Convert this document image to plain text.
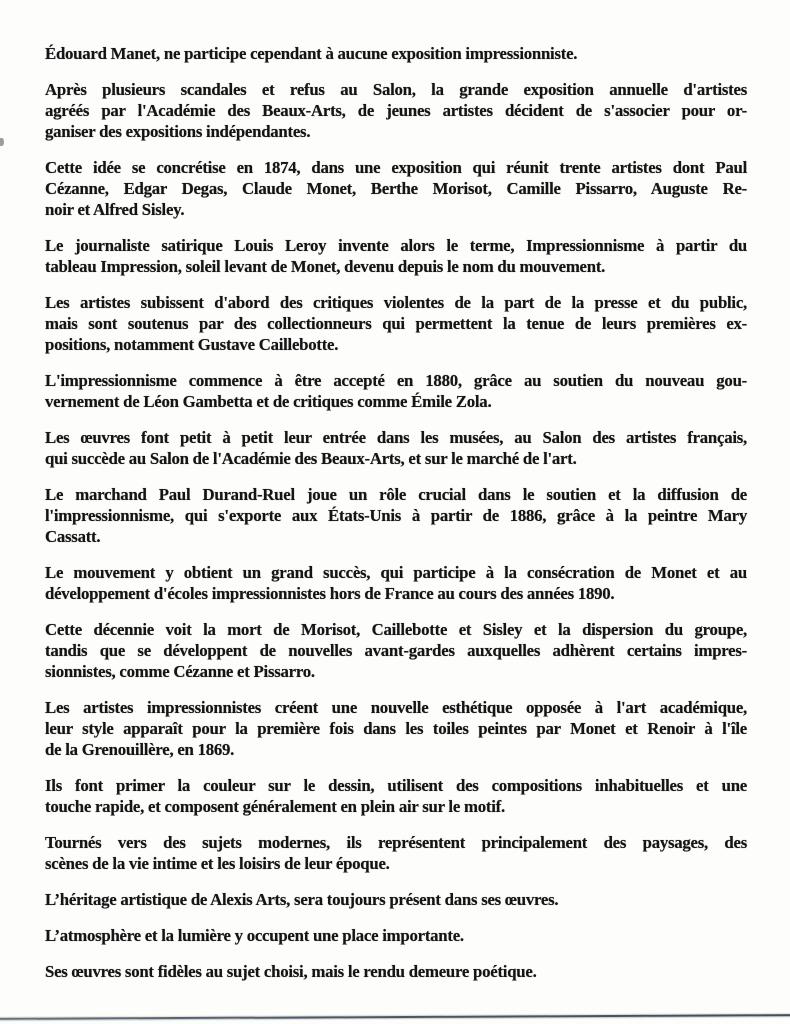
Édouard Manet, ne participe cependant à aucune exposition impressionniste.

Après plusieurs scandales et refus au Salon, la grande exposition annuelle d'artistes
agréés par l'Académie des Beaux-Arts, de jeunes artistes décident de s'associer pour or-
ganiser des expositions indépendantes.

Cette idée se concrétise en 1874, dans une exposition qui réunit trente artistes dont Paul
Cézanne, Edgar Degas, Claude Monet, Berthe Morisot, Camille Pissarro, Auguste Re-
noir et Alfred Sisley.

Le journaliste satirique Louis Leroy invente alors le terme, Impressionnisme à partir du
tableau Impression, soleil levant de Monet, devenu depuis le nom du mouvement.

Les artistes subissent d'abord des critiques violentes de la part de la presse et du public,
mais sont soutenus par des collectionneurs qui permettent la tenue de leurs premières ex-
positions, notamment Gustave Caillebotte.

L'impressionnisme commence à être accepté en 1880, grâce au soutien du nouveau gou-
vernement de Léon Gambetta et de critiques comme Émile Zola.

Les œuvres font petit à petit leur entrée dans les musées, au Salon des artistes français,
qui succède au Salon de l'Académie des Beaux-Arts, et sur le marché de l'art.

Le marchand Paul Durand-Ruel joue un rôle crucial dans le soutien et la diffusion de
l'impressionnisme, qui s'exporte aux États-Unis à partir de 1886, grâce à la peintre Mary
Cassatt.

Le mouvement y obtient un grand succès, qui participe à la consécration de Monet et au
développement d'écoles impressionnistes hors de France au cours des années 1890.

Cette décennie voit la mort de Morisot, Caillebotte et Sisley et la dispersion du groupe,
tandis que se développent de nouvelles avant-gardes auxquelles adhèrent certains impres-
sionnistes, comme Cézanne et Pissarro.

Les artistes impressionnistes créent une nouvelle esthétique opposée à l'art académique,
leur style apparaît pour la première fois dans les toiles peintes par Monet et Renoir à l'île
de la Grenouillère, en 1869.

Ils font primer la couleur sur le dessin, utilisent des compositions inhabituelles et une
touche rapide, et composent généralement en plein air sur le motif.

Tournés vers des sujets modernes, ils représentent principalement des paysages, des
scènes de la vie intime et les loisirs de leur époque.

L’héritage artistique de Alexis Arts, sera toujours présent dans ses œuvres.

L’atmosphère et la lumière y occupent une place importante.

Ses œuvres sont fidèles au sujet choisi, mais le rendu demeure poétique.
